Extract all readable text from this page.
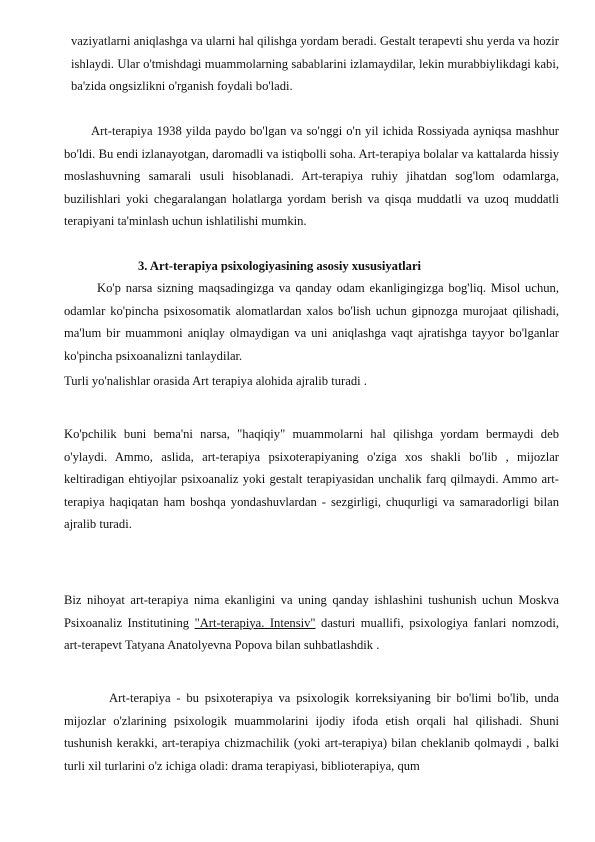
vaziyatlarni aniqlashga va ularni hal qilishga yordam beradi. Gestalt terapevti shu yerda va hozir ishlaydi. Ular o'tmishdagi muammolarning sabablarini izlamaydilar, lekin murabbiylikdagi kabi, ba'zida ongsizlikni o'rganish foydali bo'ladi.

Art-terapiya 1938 yilda paydo bo'lgan va so'nggi o'n yil ichida Rossiyada ayniqsa mashhur bo'ldi. Bu endi izlanayotgan, daromadli va istiqbolli soha. Art-terapiya bolalar va kattalarda hissiy moslashuvning samarali usuli hisoblanadi. Art-terapiya ruhiy jihatdan sog'lom odamlarga, buzilishlari yoki chegaralangan holatlarga yordam berish va qisqa muddatli va uzoq muddatli terapiyani ta'minlash uchun ishlatilishi mumkin.

3. Art-terapiya psixologiyasining asosiy xususiyatlari

Ko'p narsa sizning maqsadingizga va qanday odam ekanligingizga bog'liq. Misol uchun, odamlar ko'pincha psixosomatik alomatlardan xalos bo'lish uchun gipnozga murojaat qilishadi, ma'lum bir muammoni aniqlay olmaydigan va uni aniqlashga vaqt ajratishga tayyor bo'lganlar ko'pincha psixoanalizni tanlaydilar.

Turli yo'nalishlar orasida Art terapiya alohida ajralib turadi .

Ko'pchilik buni bema'ni narsa, "haqiqiy" muammolarni hal qilishga yordam bermaydi deb o'ylaydi. Ammo, aslida, art-terapiya psixoterapiyaning o'ziga xos shakli bo'lib , mijozlar keltiradigan ehtiyojlar psixoanaliz yoki gestalt terapiyasidan unchalik farq qilmaydi. Ammo art-terapiya haqiqatan ham boshqa yondashuvlardan - sezgirligi, chuqurligi va samaradorligi bilan ajralib turadi.

Biz nihoyat art-terapiya nima ekanligini va uning qanday ishlashini tushunish uchun Moskva Psixoanaliz Institutining "Art-terapiya. Intensiv" dasturi muallifi, psixologiya fanlari nomzodi, art-terapevt Tatyana Anatolyevna Popova bilan suhbatlashdik .

Art-terapiya - bu psixoterapiya va psixologik korreksiyaning bir bo'limi bo'lib, unda mijozlar o'zlarining psixologik muammolarini ijodiy ifoda etish orqali hal qilishadi. Shuni tushunish kerakki, art-terapiya chizmachilik (yoki art-terapiya) bilan cheklanib qolmaydi , balki turli xil turlarini o'z ichiga oladi: drama terapiyasi, biblioterapiya, qum
